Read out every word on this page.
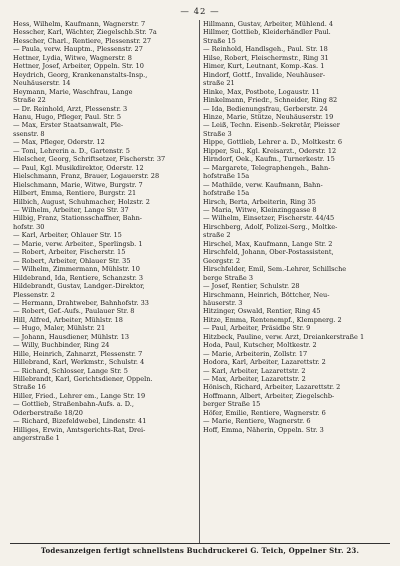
— 42 —

Hess, Wilhelm, Kaufmann, Wagnerstr. 7

Hesscher, Karl, Wächter, Ziegelschb.Str. 7a

Hesscher, Charl., Rentiere, Plessenstr. 27

— Paula, verw. Hauptm., Plessenstr. 27

Hettner, Lydia, Witwe, Wagnerstr. 8

Hettner, Josef, Arbeiter, Oppeln. Str. 10

Heydrich, Georg, Krankenanstalts-Insp.,

Neuhäuserstr. 14

Heymann, Marie, Waschfrau, Lange

Straße 22

— Dr. Reinhold, Arzt, Plessenstr. 3

Hanu, Hugo, Pfleger, Paul. Str. 5

— Max, Erster Staatsanwalt, Ple-

ssenstr. 8

— Max, Pfleger, Oderstr. 12

— Toni, Lehrerin a. D., Gartenstr. 5

Hielscher, Georg, Schriftsetzer, Fischerstr. 37

— Paul, Kgl. Musikdirektor, Oderstr. 12

Hielschmann, Franz, Brauer, Logauerstr. 28

Hielschmann, Marie, Witwe, Burgstr. 7

Hilbert, Emma, Rentiere, Burgstr. 21

Hilbich, August, Schuhmacher, Holzstr. 2

— Wilhelm, Arbeiter, Lange Str. 37

Hilbig, Franz, Stationsschaffner, Bahn-

hofstr. 30

— Karl, Arbeiter, Ohlauer Str. 15

— Marie, verw. Arbeiter., Sperlingsb. 1

— Robert, Arbeiter, Fischerstr. 15

— Robert, Arbeiter, Ohlauer Str. 35

— Wilhelm, Zimmermann, Mühlstr. 10

Hildebrand, Ida, Rentiere, Schanzstr. 3

Hildebrandt, Gustav, Landger.-Direktor,

Plessenstr. 2

— Hermann, Drahtweber, Bahnhofstr. 33

— Robert, Gef.-Aufs., Paulauer Str. 8

Hill, Alfred, Arbeiter, Mühlstr. 18

— Hugo, Maler, Mühlstr. 21

— Johann, Hausdiener, Mühlstr. 13

— Willy, Buchbinder, Ring 24

Hille, Heinrich, Zahnarzt, Plessenstr. 7

Hillebrand, Karl, Werkmstr., Schulstr. 4

— Richard, Schlosser, Lange Str. 5

Hillebrandt, Karl, Gerichtsdiener, Oppeln.

Straße 16

Hiller, Fried., Lehrer em., Lange Str. 19

— Gottlieb, Straßenbahn-Aufs. a. D.,

Oderberstraße 18/20

— Richard, Bizefeldwebel, Lindenstr. 41

Hilliges, Erwin, Amtsgerichts-Rat, Drei-

angerstraße 1

Hillmann, Gustav, Arbeiter, Mühlend. 4

Hillmer, Gottlieb, Kleiderhändler Paul.

Straße 15

— Reinhold, Handlsgeh., Paul. Str. 18

Hilse, Robert, Fleischermstr., Ring 31

Himer, Kurt, Leutnant, Komp.-Kas. 1

Hindorf, Gottf., Invalide, Neuhäuser-

straße 21

Hinke, Max, Postbote, Logaustr. 11

Hinkelmann, Friedr., Schneider, Ring 82

— Ida, Bedienungsfrau, Gerberstr. 24

Hinze, Marie, Stütze, Neuhäuserstr. 19

— Leiß, Techn. Eisenb.-Sekretär, Pleisser

Straße 3

Hippe, Gottlieb, Lehrer a. D., Moltkestr. 6

Hipper, Sul., Kgl. Kreisarzt., Oderstr. 12

Hirndorf, Oek., Kaufm., Turnerkestr. 15

— Margarete, Telegraphengeh., Bahn-

hofstraße 15a

— Mathilde, verw. Kaufmann, Bahn-

hofstraße 15a

Hirsch, Berta, Arbeiterin, Ring 35

— Maria, Witwe, Kleinzinggasse 8

— Wilhelm, Einsetzer, Fischerstr. 44/45

Hirschberg, Adolf, Polizei-Serg., Moltke-

straße 2

Hirschel, Max, Kaufmann, Lange Str. 2

Hirschfeld, Johann, Ober-Postassistent,

Georgstr. 2

Hirschfelder, Emil, Sem.-Lehrer, Schillsche

berge Straße 3

— Josef, Rentier, Schulstr. 28

Hirschmann, Heinrich, Böttcher, Neu-

häuserstr. 3

Hitzinger, Oswald, Rentier, Ring 45

Hitze, Emma, Rentenempf., Klempnerg. 2

— Paul, Arbeiter, Präsidbe Str. 9

Hitzbeck, Pauline, verw. Arzt, Dreiankerstraße 1

Hoda, Paul, Kutscher, Moltkestr. 2

— Marie, Arbeiterin, Zollstr. 17

Hodora, Karl, Arbeiter, Lazarettstr. 2

— Karl, Arbeiter, Lazarettstr. 2

— Max, Arbeiter, Lazarettstr. 2

Hönisch, Richard, Arbeiter, Lazarettstr. 2

Hoffmann, Albert, Arbeiter, Ziegelschb-

berger Straße 15

Höfer, Emilie, Rentiere, Wagnerstr. 6

— Marie, Rentiere, Wagnerstr. 6

Hoff, Emma, Näherin, Oppeln. Str. 3

Todesanzeigen fertigt schnellstens Buchdruckerei G. Teich, Oppelner Str. 23.
